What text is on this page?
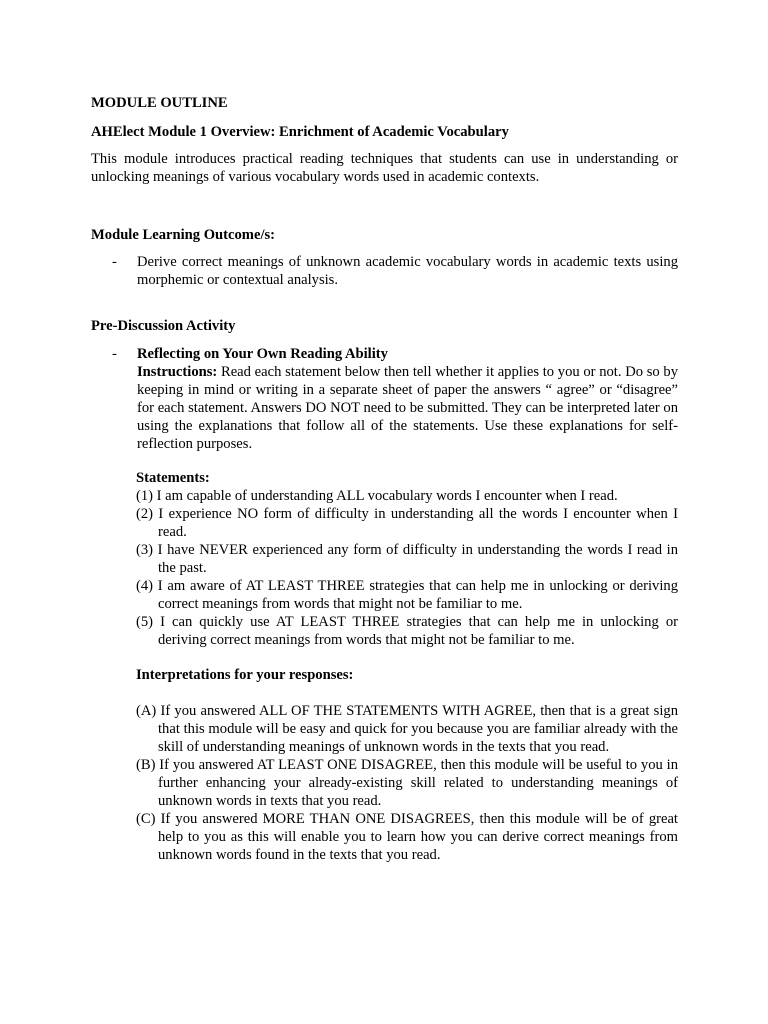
MODULE OUTLINE

AHElect Module 1 Overview: Enrichment of Academic Vocabulary

This module introduces practical reading techniques that students can use in understanding or unlocking meanings of various vocabulary words used in academic contexts.

Module Learning Outcome/s:

- Derive correct meanings of unknown academic vocabulary words in academic texts using morphemic or contextual analysis.

Pre-Discussion Activity

- Reflecting on Your Own Reading Ability
Instructions: Read each statement below then tell whether it applies to you or not. Do so by keeping in mind or writing in a separate sheet of paper the answers “ agree” or “disagree” for each statement. Answers DO NOT need to be submitted. They can be interpreted later on using the explanations that follow all of the statements. Use these explanations for self-reflection purposes.
Statements:

(1) I am capable of understanding ALL vocabulary words I encounter when I read.

(2) I experience NO form of difficulty in understanding all the words I encounter when I read.

(3) I have NEVER experienced any form of difficulty in understanding the words I read in the past.

(4) I am aware of AT LEAST THREE strategies that can help me in unlocking or deriving correct meanings from words that might not be familiar to me.

(5) I can quickly use AT LEAST THREE strategies that can help me in unlocking or deriving correct meanings from words that might not be familiar to me.

Interpretations for your responses:

(A) If you answered ALL OF THE STATEMENTS WITH AGREE, then that is a great sign that this module will be easy and quick for you because you are familiar already with the skill of understanding meanings of unknown words in the texts that you read.

(B) If you answered AT LEAST ONE DISAGREE, then this module will be useful to you in further enhancing your already-existing skill related to understanding meanings of unknown words in texts that you read.

(C) If you answered MORE THAN ONE DISAGREES, then this module will be of great help to you as this will enable you to learn how you can derive correct meanings from unknown words found in the texts that you read.
